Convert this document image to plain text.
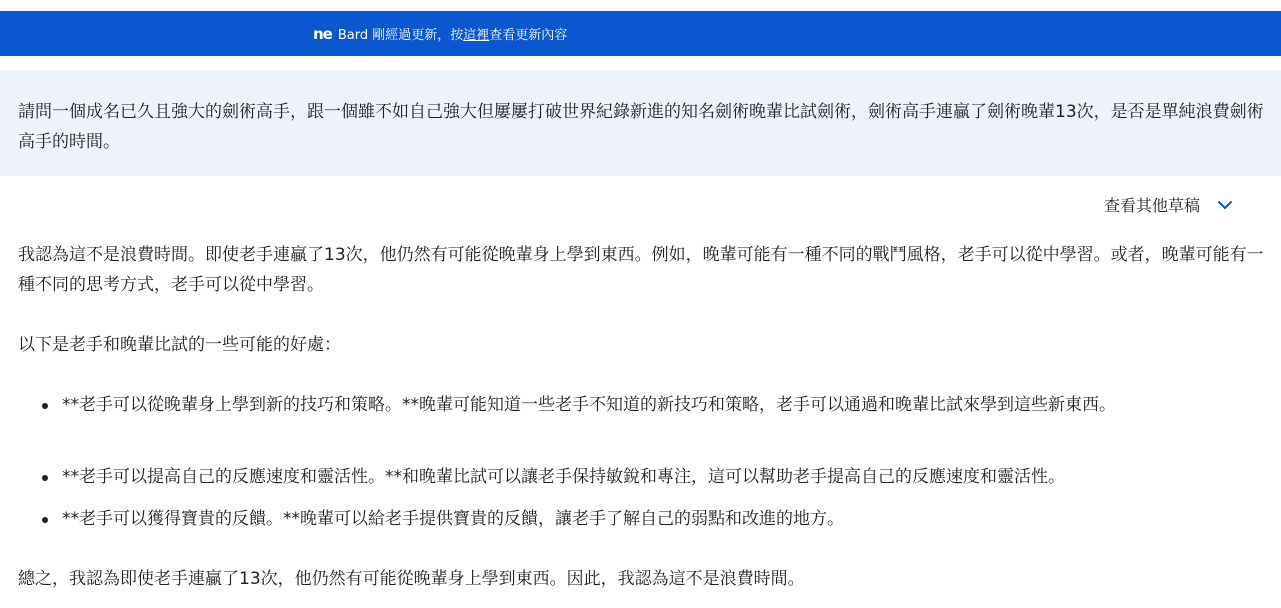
ne Bard 剛經過更新，按 這裡 查看更新內容
請問一個成名已久且強大的劍術高手，跟一個雖不如自己強大但屢屢打破世界紀錄新進的知名劍術晚輩比試劍術，劍術高手連贏了劍術晚輩13次，是否是單純浪費劍術高手的時間。
查看其他草稿

我認為這不是浪費時間。即使老手連贏了13次，他仍然有可能從晚輩身上學到東西。例如，晚輩可能有一種不同的戰鬥風格，老手可以從中學習。或者，晚輩可能有一種不同的思考方式，老手可以從中學習。

以下是老手和晚輩比試的一些可能的好處：

**老手可以從晚輩身上學到新的技巧和策略。**晚輩可能知道一些老手不知道的新技巧和策略，老手可以通過和晚輩比試來學到這些新東西。
**老手可以提高自己的反應速度和靈活性。**和晚輩比試可以讓老手保持敏銳和專注，這可以幫助老手提高自己的反應速度和靈活性。
**老手可以獲得寶貴的反饋。**晚輩可以給老手提供寶貴的反饋，讓老手了解自己的弱點和改進的地方。

總之，我認為即使老手連贏了13次，他仍然有可能從晚輩身上學到東西。因此，我認為這不是浪費時間。
